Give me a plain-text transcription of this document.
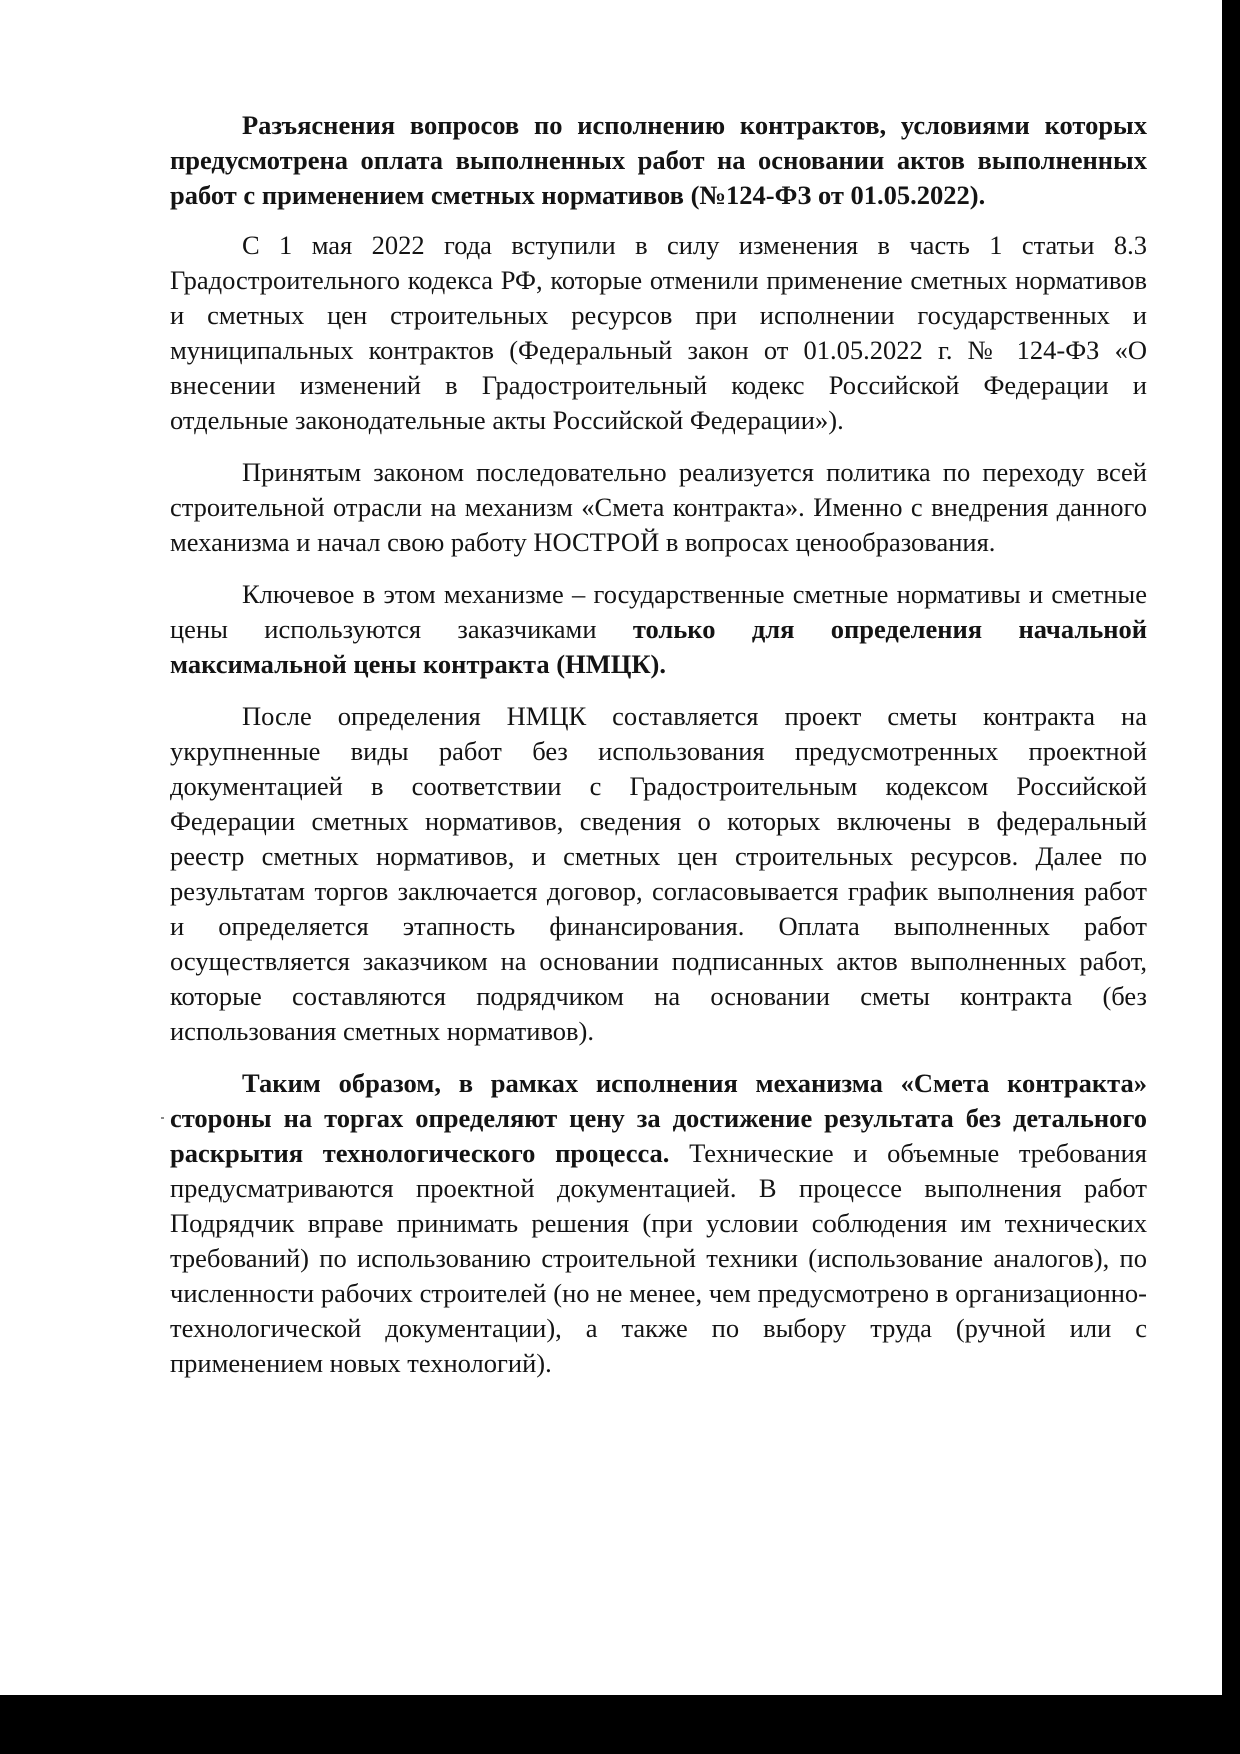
Разъяснения вопросов по исполнению контрактов, условиями которых предусмотрена оплата выполненных работ на основании актов выполненных работ с применением сметных нормативов (№124-ФЗ от 01.05.2022).

С 1 мая 2022 года вступили в силу изменения в часть 1 статьи 8.3 Градостроительного кодекса РФ, которые отменили применение сметных нормативов и сметных цен строительных ресурсов при исполнении государственных и муниципальных контрактов (Федеральный закон от 01.05.2022 г. № 124-ФЗ «О внесении изменений в Градостроительный кодекс Российской Федерации и отдельные законодательные акты Российской Федерации»).

Принятым законом последовательно реализуется политика по переходу всей строительной отрасли на механизм «Смета контракта». Именно с внедрения данного механизма и начал свою работу НОСТРОЙ в вопросах ценообразования.

Ключевое в этом механизме – государственные сметные нормативы и сметные цены используются заказчиками только для определения начальной максимальной цены контракта (НМЦК).

После определения НМЦК составляется проект сметы контракта на укрупненные виды работ без использования предусмотренных проектной документацией в соответствии с Градостроительным кодексом Российской Федерации сметных нормативов, сведения о которых включены в федеральный реестр сметных нормативов, и сметных цен строительных ресурсов. Далее по результатам торгов заключается договор, согласовывается график выполнения работ и определяется этапность финансирования. Оплата выполненных работ осуществляется заказчиком на основании подписанных актов выполненных работ, которые составляются подрядчиком на основании сметы контракта (без использования сметных нормативов).

Таким образом, в рамках исполнения механизма «Смета контракта» стороны на торгах определяют цену за достижение результата без детального раскрытия технологического процесса. Технические и объемные требования предусматриваются проектной документацией. В процессе выполнения работ Подрядчик вправе принимать решения (при условии соблюдения им технических требований) по использованию строительной техники (использование аналогов), по численности рабочих строителей (но не менее, чем предусмотрено в организационно-технологической документации), а также по выбору труда (ручной или с применением новых технологий).
